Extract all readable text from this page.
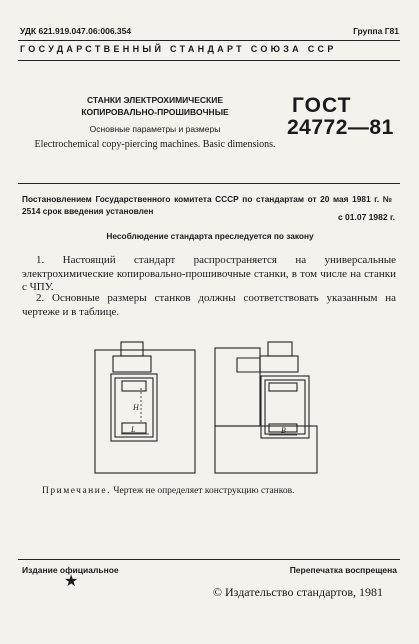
УДК 621.919.047.06:006.354	Группа Г81
ГОСУДАРСТВЕННЫЙ СТАНДАРТ СОЮЗА ССР
СТАНКИ ЭЛЕКТРОХИМИЧЕСКИЕ
КОПИРОВАЛЬНО-ПРОШИВОЧНЫЕ
Основные параметры и размеры
Electrochemical copy-piercing machines. Basic dimensions.
ГОСТ
24772—81
Постановлением Государственного комитета СССР по стандартам от 20 мая 1981 г. № 2514 срок введения установлен
с 01.07 1982 г.
Несоблюдение стандарта преследуется по закону
1. Настоящий стандарт распространяется на универсальные электрохимические копировально-прошивочные станки, в том числе на станки с ЧПУ.
2. Основные размеры станков должны соответствовать указанным на чертеже и в таблице.
H
L	B
Примечание. Чертеж не определяет конструкцию станков.
Издание официальное	Перепечатка воспрещена
★
© Издательство стандартов, 1981
